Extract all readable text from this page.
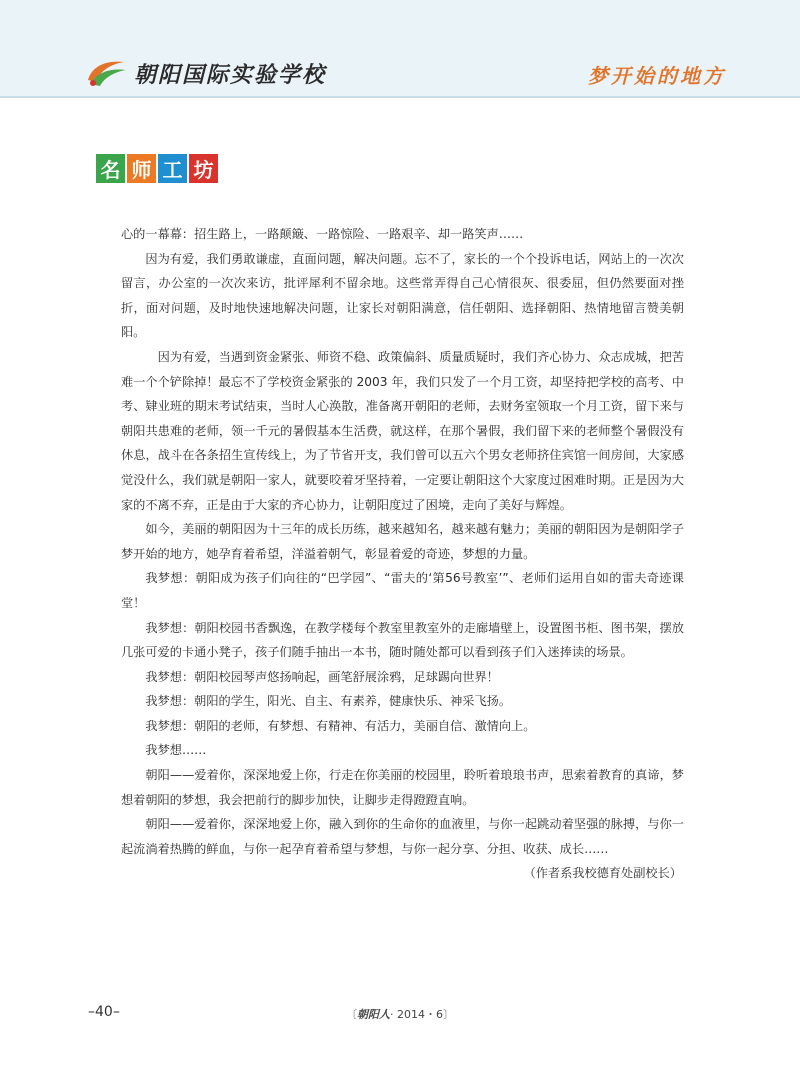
朝阳国际实验学校	梦开始的地方
名 师 工 坊

心的一幕幕：招生路上，一路颠簸、一路惊险、一路艰辛、却一路笑声……

因为有爱，我们勇敢谦虚，直面问题，解决问题。忘不了，家长的一个个投诉电话，网站上的一次次留言，办公室的一次次来访，批评犀利不留余地。这些常弄得自己心情很灰、很委屈，但仍然要面对挫折，面对问题，及时地快速地解决问题，让家长对朝阳满意，信任朝阳、选择朝阳、热情地留言赞美朝阳。

因为有爱，当遇到资金紧张、师资不稳、政策偏斜、质量质疑时，我们齐心协力、众志成城，把苦难一个个铲除掉！最忘不了学校资金紧张的 2003 年，我们只发了一个月工资，却坚持把学校的高考、中考、肄业班的期末考试结束，当时人心涣散，准备离开朝阳的老师，去财务室领取一个月工资，留下来与朝阳共患难的老师，领一千元的暑假基本生活费，就这样，在那个暑假，我们留下来的老师整个暑假没有休息，战斗在各条招生宣传线上，为了节省开支，我们曾可以五六个男女老师挤住宾馆一间房间，大家感觉没什么，我们就是朝阳一家人，就要咬着牙坚持着，一定要让朝阳这个大家度过困难时期。正是因为大家的不离不弃，正是由于大家的齐心协力，让朝阳度过了困境，走向了美好与辉煌。

如今，美丽的朝阳因为十三年的成长历练，越来越知名，越来越有魅力；美丽的朝阳因为是朝阳学子梦开始的地方，她孕育着希望，洋溢着朝气，彰显着爱的奇迹，梦想的力量。

我梦想：朝阳成为孩子们向往的“巴学园”、“雷夫的‘第56号教室’”、老师们运用自如的雷夫奇迹课堂！

我梦想：朝阳校园书香飘逸，在教学楼每个教室里教室外的走廊墙壁上，设置图书柜、图书架，摆放几张可爱的卡通小凳子，孩子们随手抽出一本书，随时随处都可以看到孩子们入迷捧读的场景。

我梦想：朝阳校园琴声悠扬响起，画笔舒展涂鸦，足球踢向世界！

我梦想：朝阳的学生，阳光、自主、有素养，健康快乐、神采飞扬。

我梦想：朝阳的老师，有梦想、有精神、有活力，美丽自信、激情向上。

我梦想……

朝阳——爱着你，深深地爱上你，行走在你美丽的校园里，聆听着琅琅书声，思索着教育的真谛，梦想着朝阳的梦想，我会把前行的脚步加快，让脚步走得蹬蹬直响。

朝阳——爱着你，深深地爱上你，融入到你的生命你的血液里，与你一起跳动着坚强的脉搏，与你一起流淌着热腾的鲜血，与你一起孕育着希望与梦想，与你一起分享、分担、收获、成长……

（作者系我校德育处副校长）

–40–	〔朝阳人· 2014・6〕
